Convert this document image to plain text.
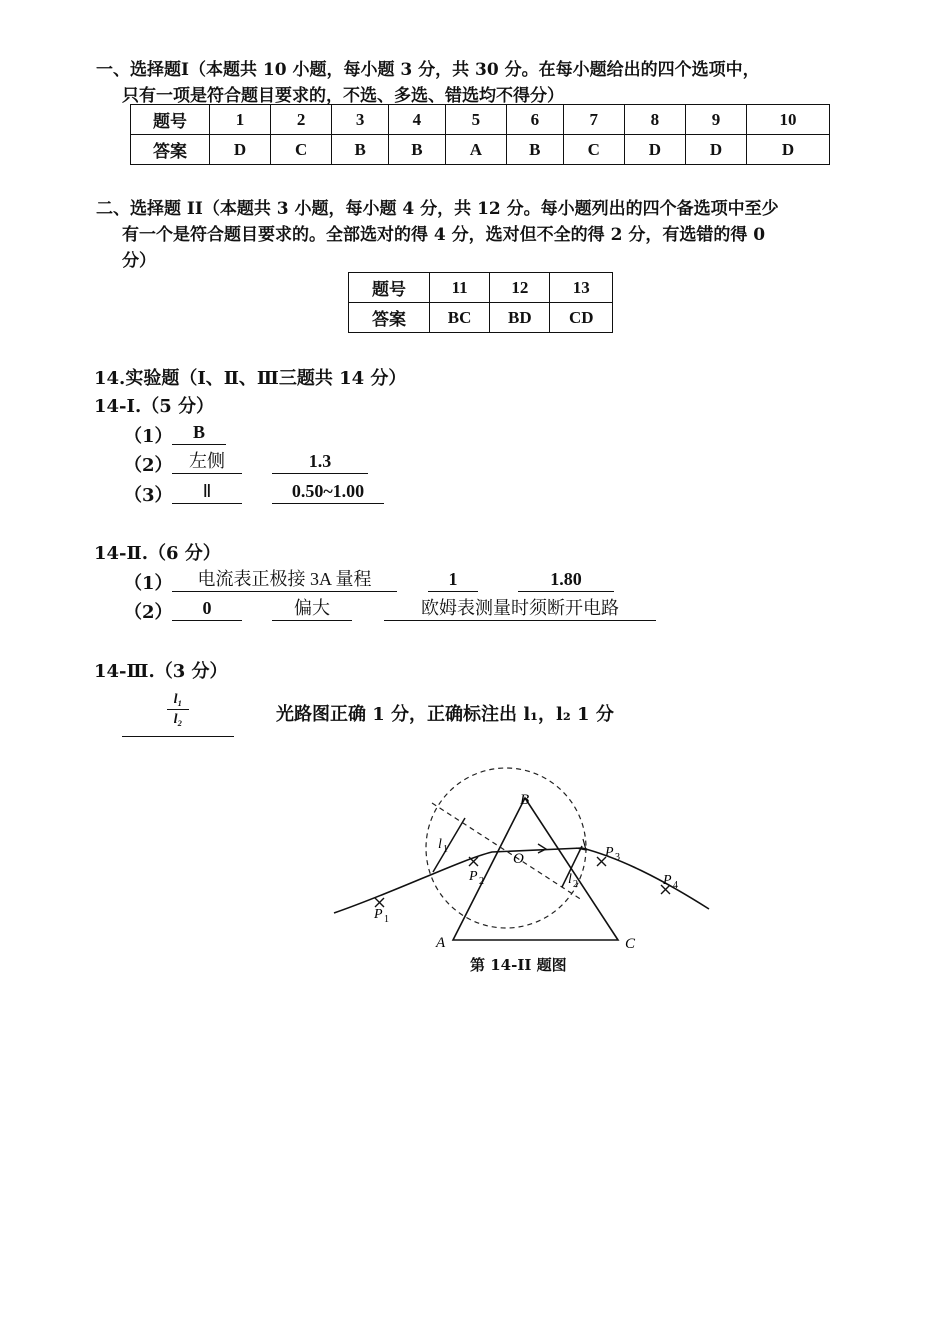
一、选择题Ⅰ（本题共 10 小题，每小题 3 分，共 30 分。在每小题给出的四个选项中，
只有一项是符合题目要求的，不选、多选、错选均不得分）
题号	1	2	3	4	5	6	7	8	9	10
答案	D	C	B	B	A	B	C	D	D	D
二、选择题 II（本题共 3 小题，每小题 4 分，共 12 分。每小题列出的四个备选项中至少
有一个是符合题目要求的。全部选对的得 4 分，选对但不全的得 2 分，有选错的得 0
分）
题号	11	12	13
答案	BC	BD	CD
14.实验题（Ⅰ、Ⅱ、Ⅲ三题共 14 分）
14-Ⅰ.（5 分）
（1）	B
（2） 左侧	1.3
（3）	Ⅱ	0.50~1.00
14-Ⅱ.（6 分）
（1）	电流表正极接 3A 量程	1	1.80
（2）	0	偏大	欧姆表测量时须断开电路
14-Ⅲ.（3 分）
l₁
l₂	光路图正确 1 分，正确标注出 l₁，l₂ 1 分
B
A	C
O
P 1
P 2
P 3
P 4
l 1
l 2
第 14-II 题图
